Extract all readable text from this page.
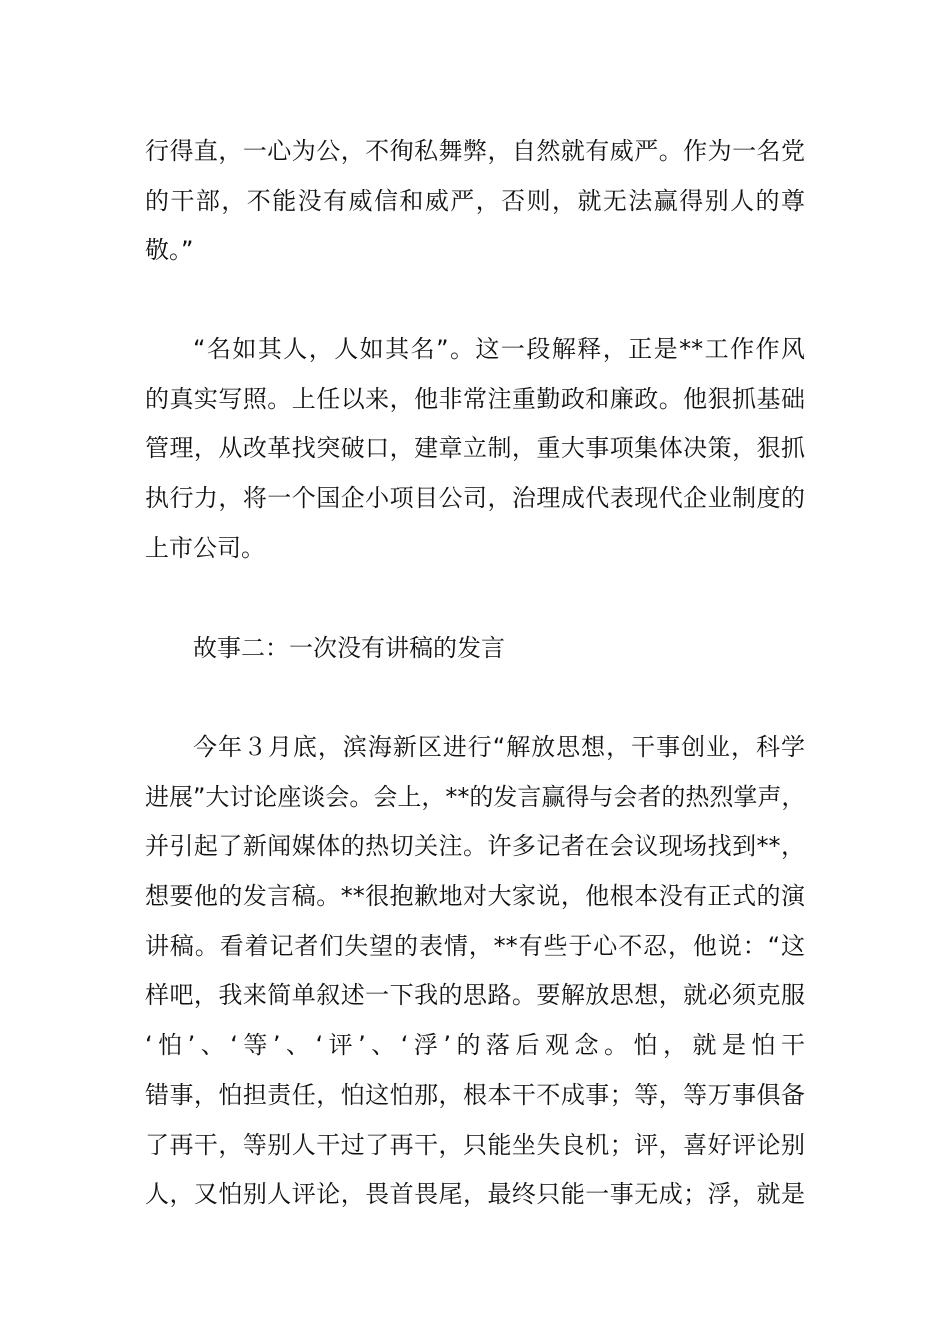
行得直，一心为公，不徇私舞弊，自然就有威严。作为一名党
的干部，不能没有威信和威严，否则，就无法赢得别人的尊
敬。”
“名如其人，人如其名”。这一段解释，正是**工作作风
的真实写照。上任以来，他非常注重勤政和廉政。他狠抓基础
管理，从改革找突破口，建章立制，重大事项集体决策，狠抓
执行力，将一个国企小项目公司，治理成代表现代企业制度的
上市公司。
故事二：一次没有讲稿的发言
今年３月底，滨海新区进行“解放思想，干事创业，科学
进展”大讨论座谈会。会上，**的发言赢得与会者的热烈掌声，
并引起了新闻媒体的热切关注。许多记者在会议现场找到**，
想要他的发言稿。**很抱歉地对大家说，他根本没有正式的演
讲稿。看着记者们失望的表情，**有些于心不忍，他说：“这
样吧，我来简单叙述一下我的思路。要解放思想，就必须克服
‘怕’、‘等’、‘评’、‘浮’的落后观念。怕，就是怕干
错事，怕担责任，怕这怕那，根本干不成事；等，等万事俱备
了再干，等别人干过了再干，只能坐失良机；评，喜好评论别
人，又怕别人评论，畏首畏尾，最终只能一事无成；浮，就是
